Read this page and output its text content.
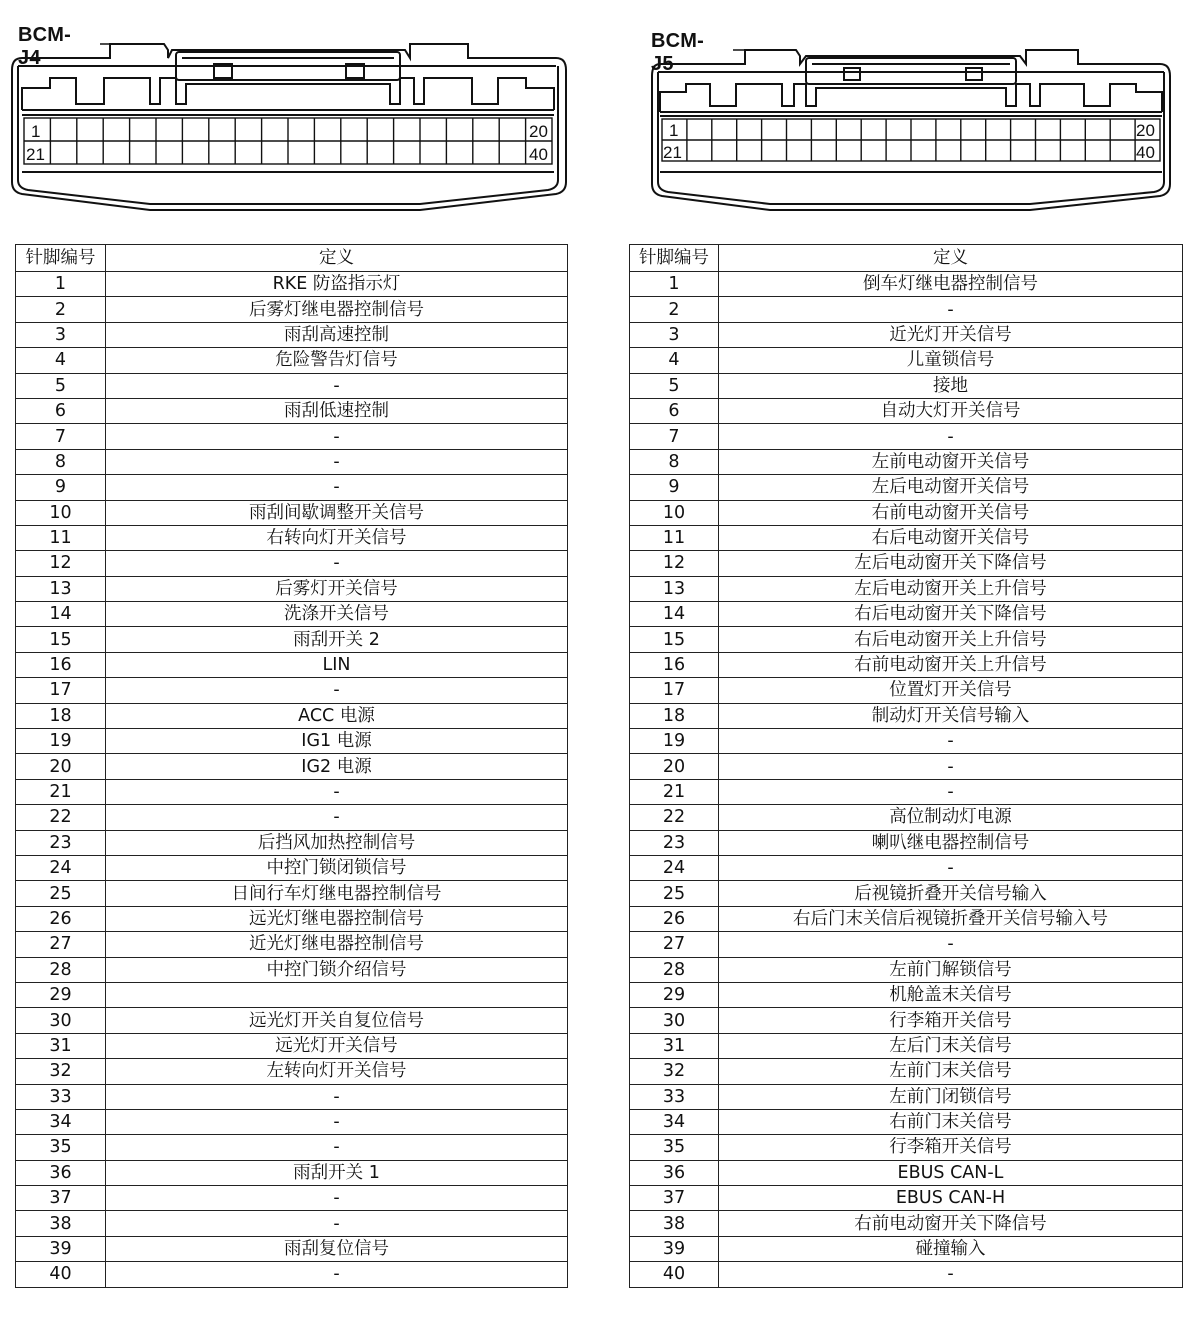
BCM-J4
1
21
20
40
针脚编号	定义
1	RKE 防盗指示灯
2	后雾灯继电器控制信号
3	雨刮高速控制
4	危险警告灯信号
5	-
6	雨刮低速控制
7	-
8	-
9	-
10	雨刮间歇调整开关信号
11	右转向灯开关信号
12	-
13	后雾灯开关信号
14	洗涤开关信号
15	雨刮开关 2
16	LIN
17	-
18	ACC 电源
19	IG1 电源
20	IG2 电源
21	-
22	-
23	后挡风加热控制信号
24	中控门锁闭锁信号
25	日间行车灯继电器控制信号
26	远光灯继电器控制信号
27	近光灯继电器控制信号
28	中控门锁介绍信号
29	
30	远光灯开关自复位信号
31	远光灯开关信号
32	左转向灯开关信号
33	-
34	-
35	-
36	雨刮开关 1
37	-
38	-
39	雨刮复位信号
40	-
BCM-J5
1
21
20
40
针脚编号	定义
1	倒车灯继电器控制信号
2	-
3	近光灯开关信号
4	儿童锁信号
5	接地
6	自动大灯开关信号
7	-
8	左前电动窗开关信号
9	左后电动窗开关信号
10	右前电动窗开关信号
11	右后电动窗开关信号
12	左后电动窗开关下降信号
13	左后电动窗开关上升信号
14	右后电动窗开关下降信号
15	右后电动窗开关上升信号
16	右前电动窗开关上升信号
17	位置灯开关信号
18	制动灯开关信号输入
19	-
20	-
21	-
22	高位制动灯电源
23	喇叭继电器控制信号
24	-
25	后视镜折叠开关信号输入
26	右后门末关信后视镜折叠开关信号输入号
27	-
28	左前门解锁信号
29	机舱盖末关信号
30	行李箱开关信号
31	左后门末关信号
32	左前门末关信号
33	左前门闭锁信号
34	右前门末关信号
35	行李箱开关信号
36	EBUS CAN-L
37	EBUS CAN-H
38	右前电动窗开关下降信号
39	碰撞输入
40	-
